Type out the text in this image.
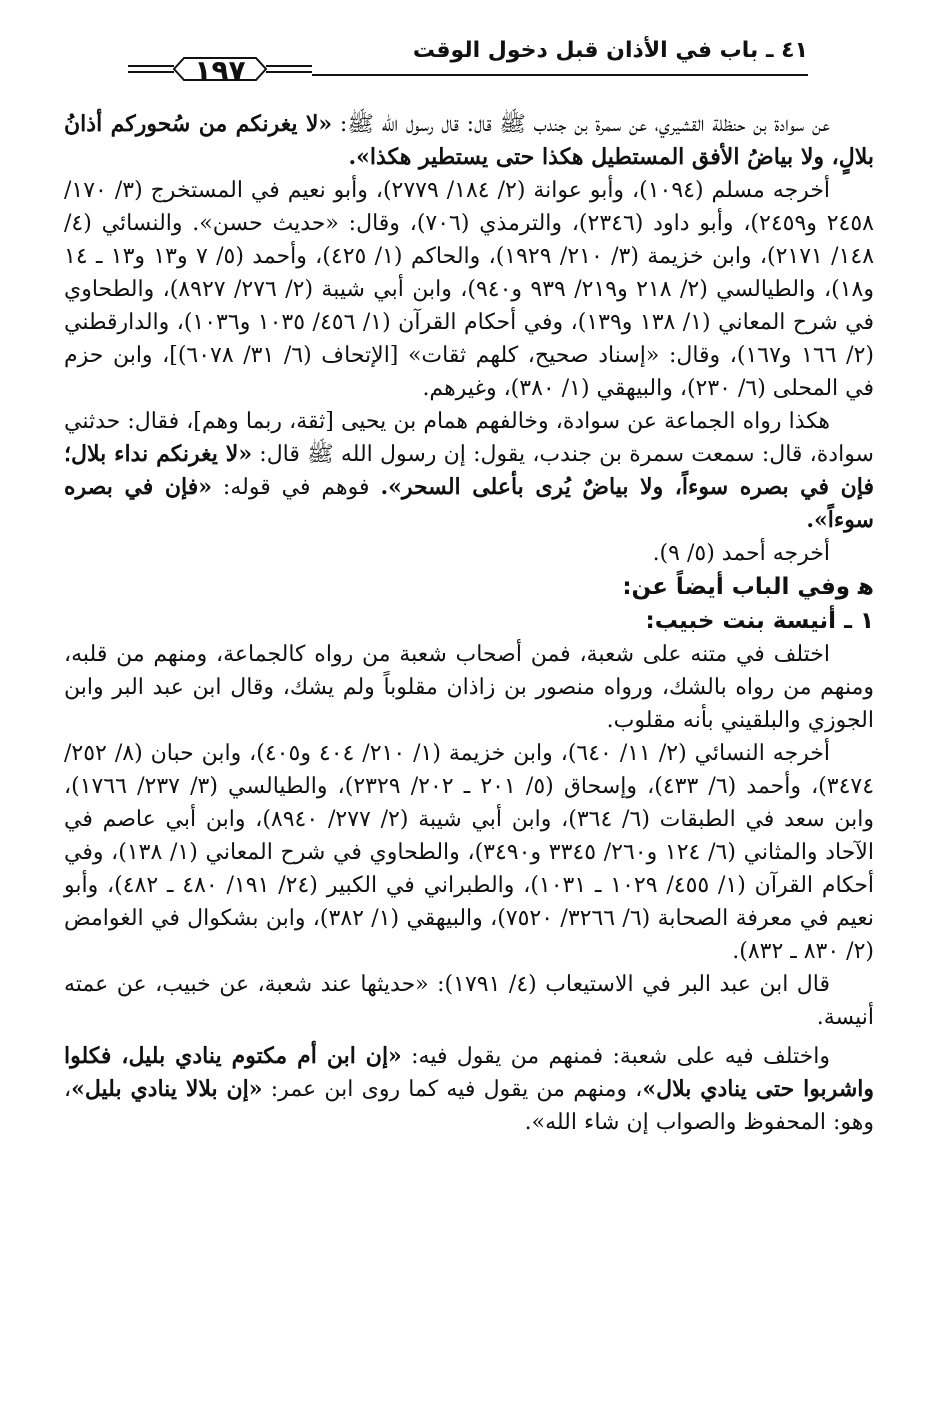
٤١ ـ باب في الأذان قبل دخول الوقت
١٩٧

عن سوادة بن حنظلة القشيري، عن سمرة بن جندب ﷺ قال: قال رسول الله ﷺ: «لا يغرنكم من سُحوركم أذانُ بلالٍ، ولا بياضُ الأفق المستطيل هكذا حتى يستطير هكذا».

أخرجه مسلم (١٠٩٤)، وأبو عوانة (٢/ ١٨٤/ ٢٧٧٩)، وأبو نعيم في المستخرج (٣/ ١٧٠/ ٢٤٥٨ و٢٤٥٩)، وأبو داود (٢٣٤٦)، والترمذي (٧٠٦)، وقال: «حديث حسن». والنسائي (٤/ ١٤٨/ ٢١٧١)، وابن خزيمة (٣/ ٢١٠/ ١٩٢٩)، والحاكم (١/ ٤٢٥)، وأحمد (٥/ ٧ و١٣ و١٣ ـ ١٤ و١٨)، والطيالسي (٢/ ٢١٨ و٢١٩/ ٩٣٩ و٩٤٠)، وابن أبي شيبة (٢/ ٢٧٦/ ٨٩٢٧)، والطحاوي في شرح المعاني (١/ ١٣٨ و١٣٩)، وفي أحكام القرآن (١/ ٤٥٦/ ١٠٣٥ و١٠٣٦)، والدارقطني (٢/ ١٦٦ و١٦٧)، وقال: «إسناد صحيح، كلهم ثقات» [الإتحاف (٦/ ٣١/ ٦٠٧٨)]، وابن حزم في المحلى (٦/ ٢٣٠)، والبيهقي (١/ ٣٨٠)، وغيرهم.

هكذا رواه الجماعة عن سوادة، وخالفهم همام بن يحيى [ثقة، ربما وهم]، فقال: حدثني سوادة، قال: سمعت سمرة بن جندب، يقول: إن رسول الله ﷺ قال: «لا يغرنكم نداء بلال؛ فإن في بصره سوءاً، ولا بياضٌ يُرى بأعلى السحر». فوهم في قوله: «فإن في بصره سوءاً».

أخرجه أحمد (٥/ ٩).

ﻫ وفي الباب أيضاً عن:

١ ـ أنيسة بنت خبيب:

اختلف في متنه على شعبة، فمن أصحاب شعبة من رواه كالجماعة، ومنهم من قلبه، ومنهم من رواه بالشك، ورواه منصور بن زاذان مقلوباً ولم يشك، وقال ابن عبد البر وابن الجوزي والبلقيني بأنه مقلوب.

أخرجه النسائي (٢/ ١١/ ٦٤٠)، وابن خزيمة (١/ ٢١٠/ ٤٠٤ و٤٠٥)، وابن حبان (٨/ ٢٥٢/ ٣٤٧٤)، وأحمد (٦/ ٤٣٣)، وإسحاق (٥/ ٢٠١ ـ ٢٠٢/ ٢٣٢٩)، والطيالسي (٣/ ٢٣٧/ ١٧٦٦)، وابن سعد في الطبقات (٦/ ٣٦٤)، وابن أبي شيبة (٢/ ٢٧٧/ ٨٩٤٠)، وابن أبي عاصم في الآحاد والمثاني (٦/ ١٢٤ و٢٦٠/ ٣٣٤٥ و٣٤٩٠)، والطحاوي في شرح المعاني (١/ ١٣٨)، وفي أحكام القرآن (١/ ٤٥٥/ ١٠٢٩ ـ ١٠٣١)، والطبراني في الكبير (٢٤/ ١٩١/ ٤٨٠ ـ ٤٨٢)، وأبو نعيم في معرفة الصحابة (٦/ ٣٢٦٦/ ٧٥٢٠)، والبيهقي (١/ ٣٨٢)، وابن بشكوال في الغوامض (٢/ ٨٣٠ ـ ٨٣٢).

قال ابن عبد البر في الاستيعاب (٤/ ١٧٩١): «حديثها عند شعبة، عن خبيب، عن عمته أنيسة.

واختلف فيه على شعبة: فمنهم من يقول فيه: «إن ابن أم مكتوم ينادي بليل، فكلوا واشربوا حتى ينادي بلال»، ومنهم من يقول فيه كما روى ابن عمر: «إن بلالا ينادي بليل»، وهو: المحفوظ والصواب إن شاء الله».
